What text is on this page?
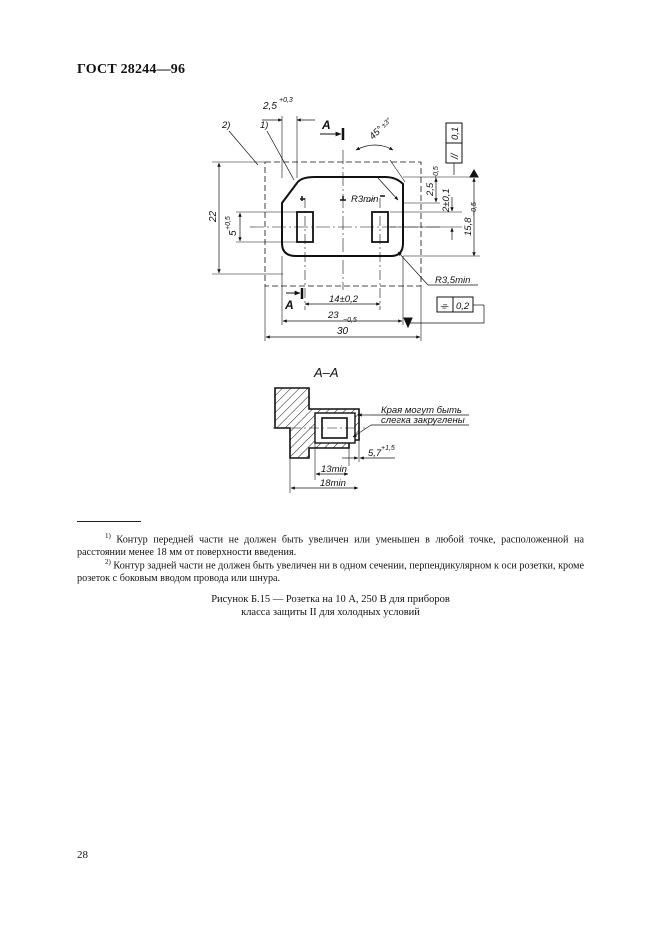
ГОСТ 28244—96
2,5
+0,3
2)	1)	A
A
45°
±3°
22
5
+0,5
R3min
2,5
−0,5
2±0,1
15,8
−0,5
//
0,1
R3,5min
⌯ 0,2
14±0,2
23 −0,5
30
А–А
Края могут быть
слегка закруглены
5,7 +1,5
13min
18min
$^{1)}$ Контур передней части не должен быть увеличен или уменьшен в любой точке, расположенной на расстоянии менее 18 мм от поверхности введения.
$^{2)}$ Контур задней части не должен быть увеличен ни в одном сечении, перпендикулярном к оси розетки, кроме розеток с боковым вводом провода или шнура.
Рисунок Б.15 — Розетка на 10 А, 250 В для приборов
класса защиты II для холодных условий
28
